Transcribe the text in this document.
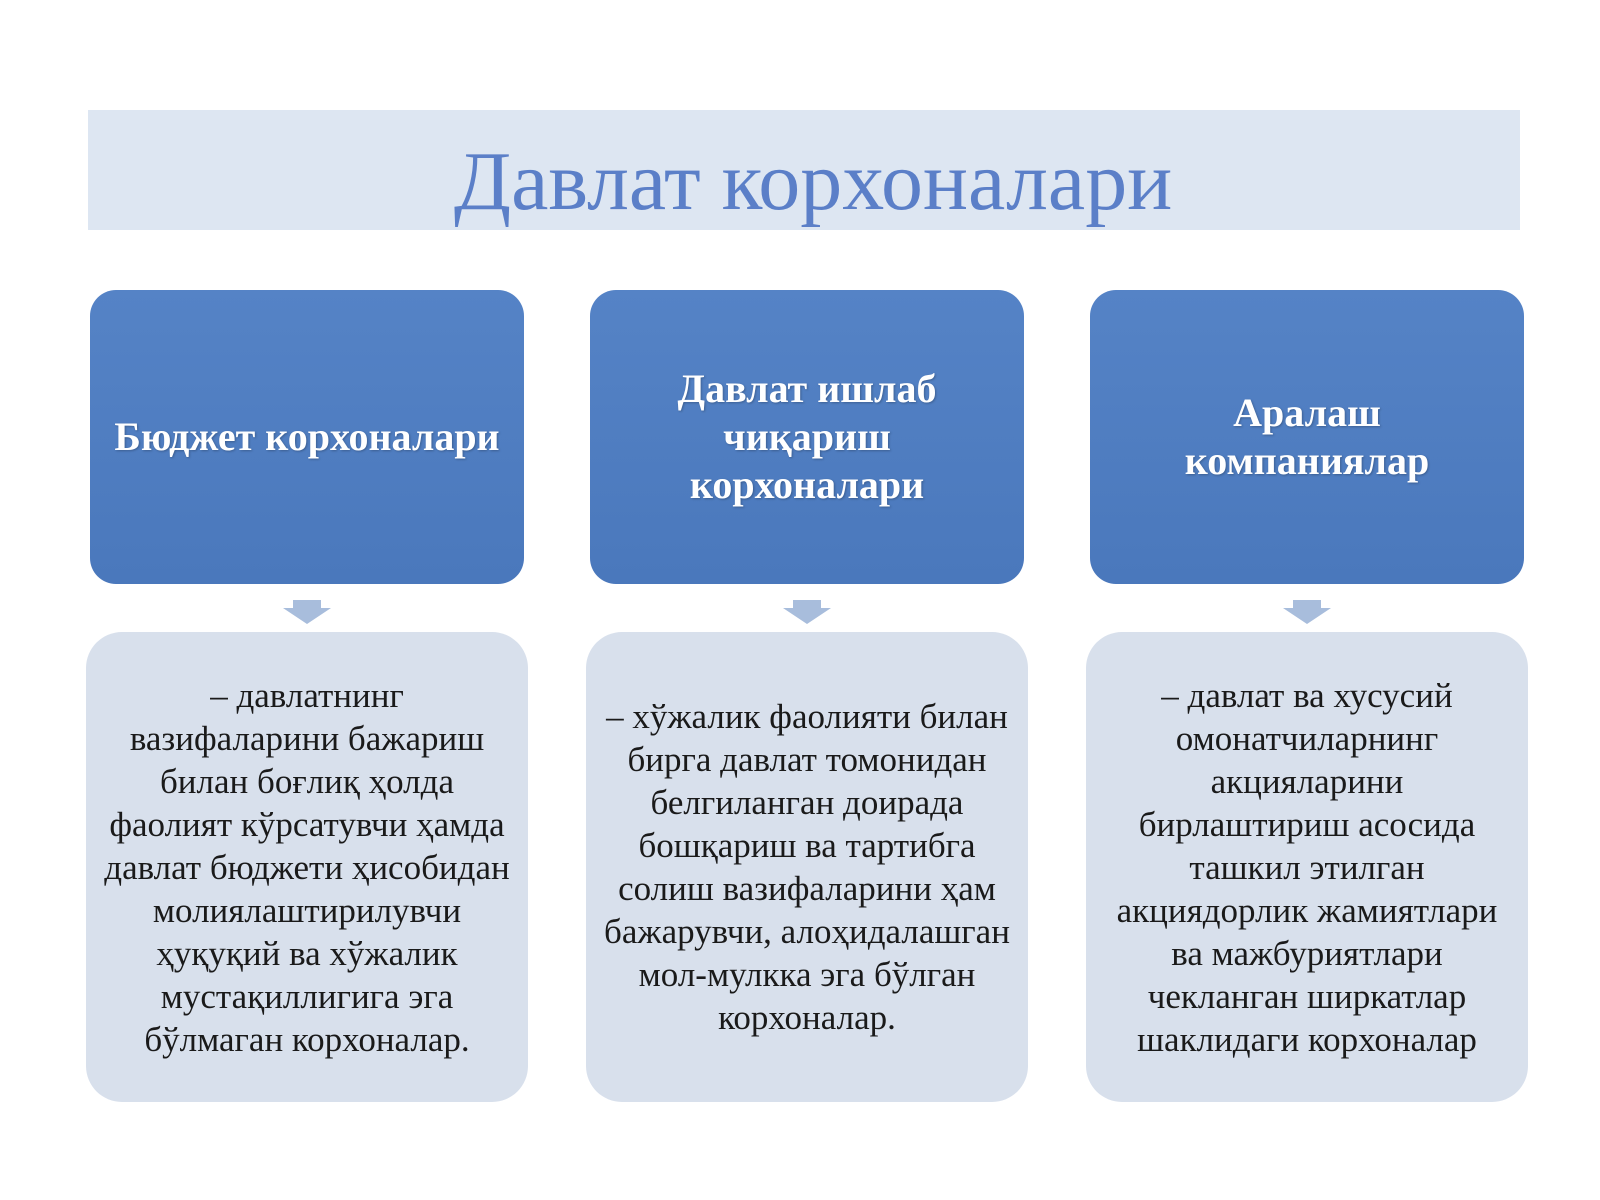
Давлат корхоналари
Бюджет корхоналари
– давлатнинг вазифаларини бажариш билан боғлиқ ҳолда фаолият кўрсатувчи ҳамда давлат бюджети ҳисобидан молиялаштирилувчи ҳуқуқий ва хўжалик мустақиллигига эга бўлмаган корхоналар.
Давлат ишлаб чиқариш корхоналари
– хўжалик фаолияти билан бирга давлат томонидан белгиланган доирада бошқариш ва тартибга солиш вазифаларини ҳам бажарувчи, алоҳидалашган мол-мулкка эга бўлган корхоналар.
Аралаш компаниялар
– давлат ва хусусий омонатчиларнинг акцияларини бирлаштириш асосида ташкил этилган акциядорлик жамиятлари ва мажбуриятлари чекланган ширкатлар шаклидаги корхоналар
